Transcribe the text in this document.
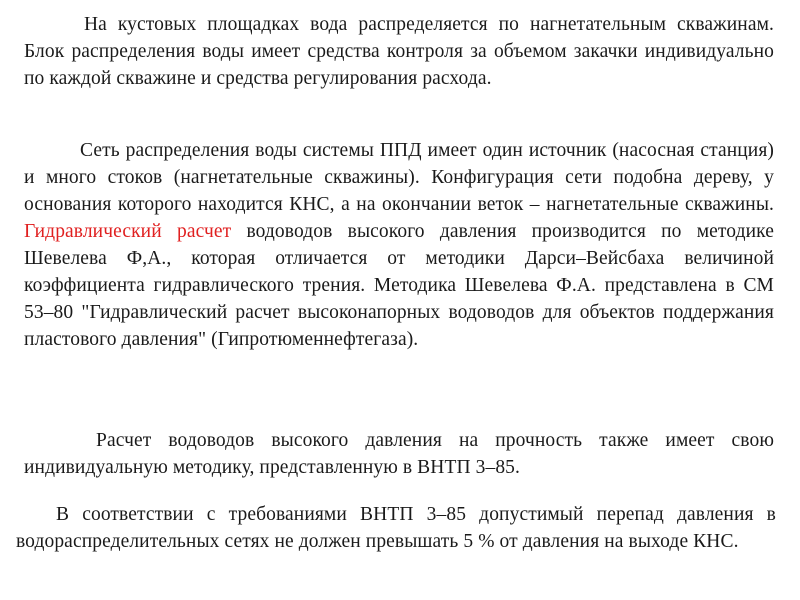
На кустовых площадках вода распределяется по нагнетательным скважинам. Блок распределения воды имеет средства контроля за объемом закачки индивидуально по каждой скважине и средства регулирования расхода.

Сеть распределения воды системы ППД имеет один источник (насосная станция) и много стоков (нагнетательные скважины). Конфигурация сети подобна дереву, у основания которого находится КНС, а на окончании веток – нагнетательные скважины. Гидравлический расчет водоводов высокого давления производится по методике Шевелева Ф,А., которая отличается от методики Дарси–Вейсбаха величиной коэффициента гидравлического трения. Методика Шевелева Ф.А. представлена в СМ 53–80 "Гидравлический расчет высоконапорных водоводов для объектов поддержания пластового давления" (Гипротюменнефтегаза).

Расчет водоводов высокого давления на прочность также имеет свою индивидуальную методику, представленную в ВНТП 3–85.

В соответствии с требованиями ВНТП 3–85 допустимый перепад давления в водораспределительных сетях не должен превышать 5 % от давления на выходе КНС.
